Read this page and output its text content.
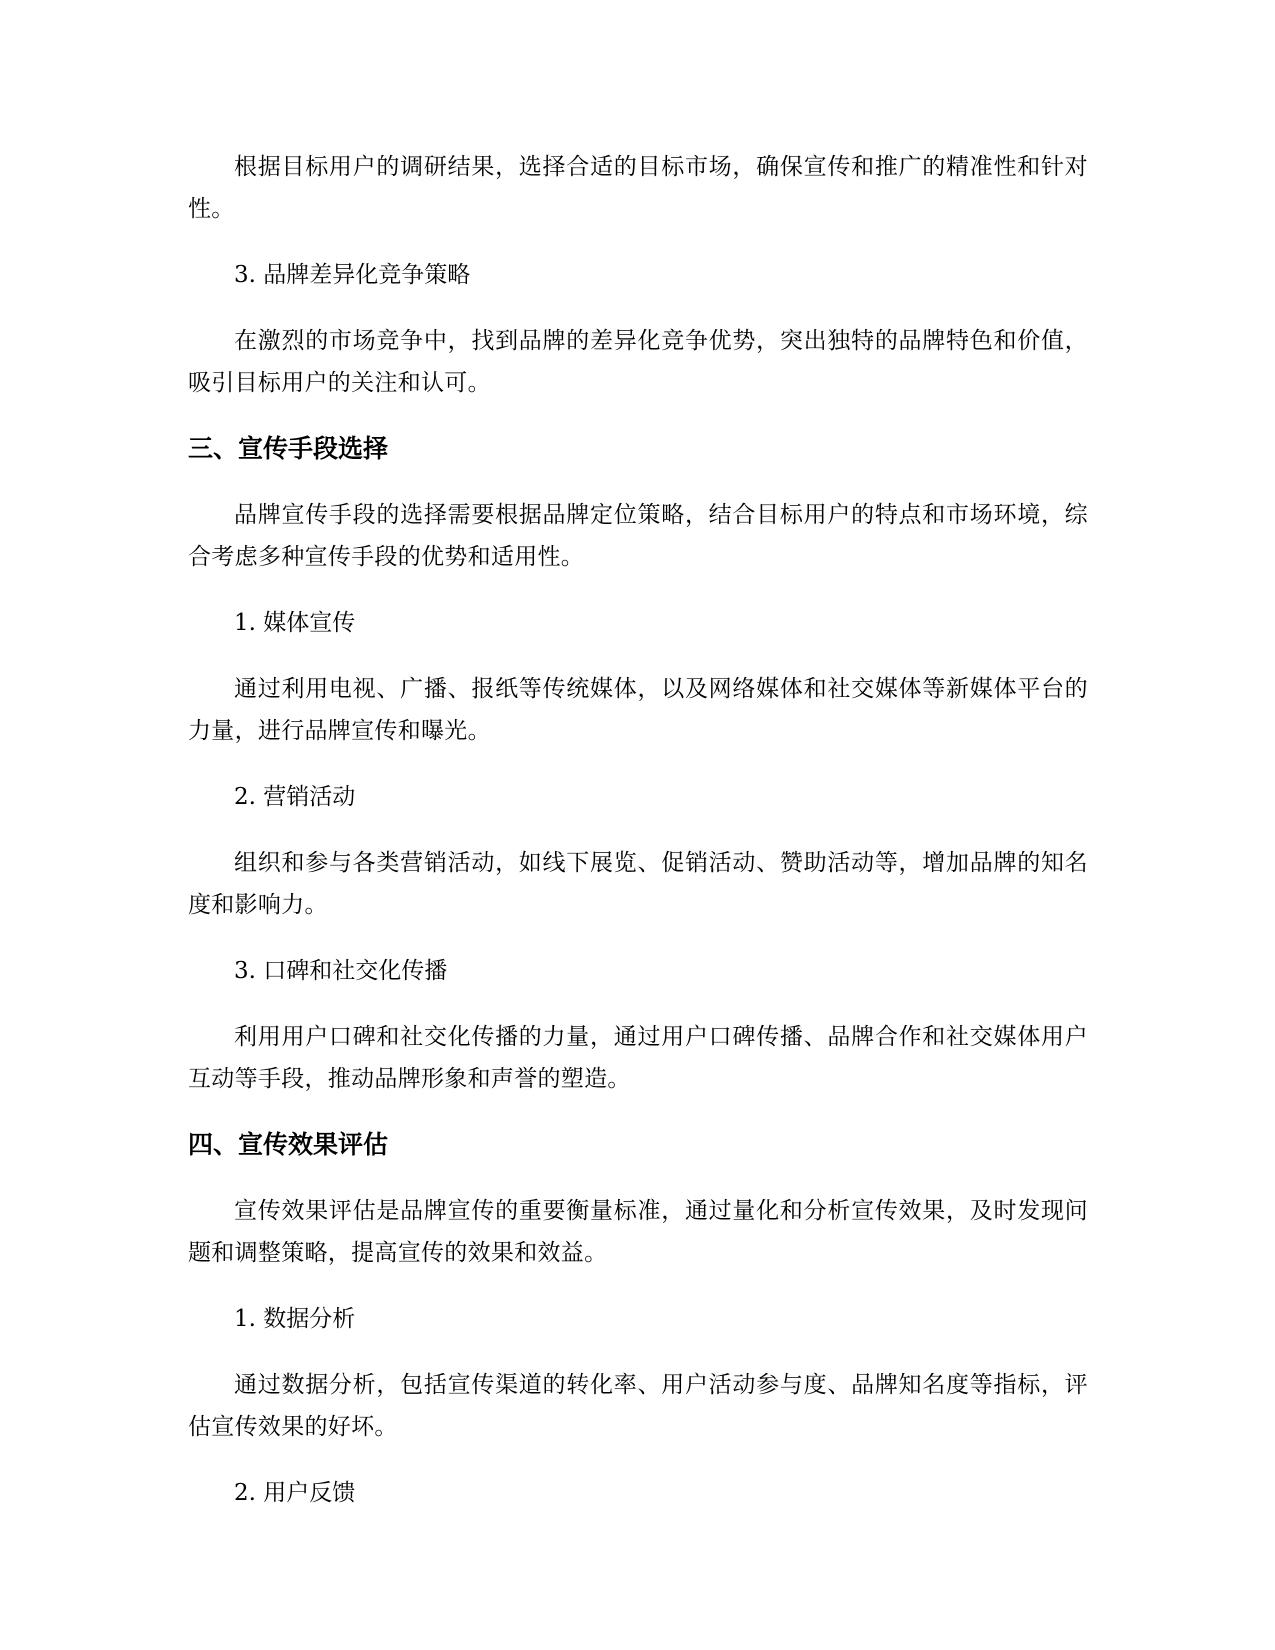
根据目标用户的调研结果，选择合适的目标市场，确保宣传和推广的精准性和针对性。

3. 品牌差异化竞争策略

在激烈的市场竞争中，找到品牌的差异化竞争优势，突出独特的品牌特色和价值，吸引目标用户的关注和认可。

三、宣传手段选择

品牌宣传手段的选择需要根据品牌定位策略，结合目标用户的特点和市场环境，综合考虑多种宣传手段的优势和适用性。

1. 媒体宣传

通过利用电视、广播、报纸等传统媒体，以及网络媒体和社交媒体等新媒体平台的力量，进行品牌宣传和曝光。

2. 营销活动

组织和参与各类营销活动，如线下展览、促销活动、赞助活动等，增加品牌的知名度和影响力。

3. 口碑和社交化传播

利用用户口碑和社交化传播的力量，通过用户口碑传播、品牌合作和社交媒体用户互动等手段，推动品牌形象和声誉的塑造。

四、宣传效果评估

宣传效果评估是品牌宣传的重要衡量标准，通过量化和分析宣传效果，及时发现问题和调整策略，提高宣传的效果和效益。

1. 数据分析

通过数据分析，包括宣传渠道的转化率、用户活动参与度、品牌知名度等指标，评估宣传效果的好坏。

2. 用户反馈
